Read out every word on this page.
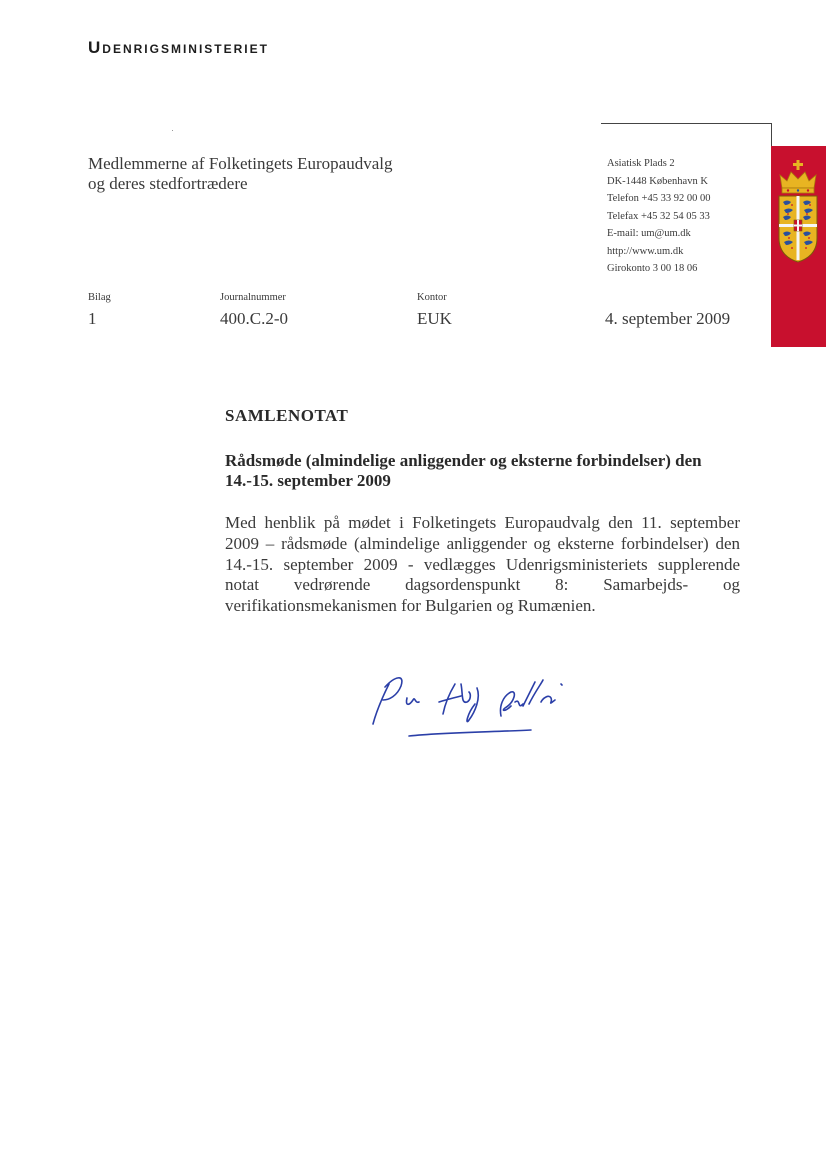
Udenrigsministeriet
Medlemmerne af Folketingets Europaudvalg
og deres stedfortrædere
Asiatisk Plads 2
DK-1448 København K
Telefon +45 33 92 00 00
Telefax +45 32 54 05 33
E-mail: um@um.dk
http://www.um.dk
Girokonto 3 00 18 06
Bilag
1
Journalnummer
400.C.2-0
Kontor
EUK	4. september 2009
SAMLENOTAT
Rådsmøde (almindelige anliggender og eksterne forbindelser) den 14.-15. september 2009

Med henblik på mødet i Folketingets Europaudvalg den 11. september 2009 – rådsmøde (almindelige anliggender og eksterne forbindelser) den 14.-15. september 2009 - vedlægges Udenrigsministeriets supplerende notat vedrørende dagsordenspunkt 8: Samarbejds- og verifikationsmekanismen for Bulgarien og Rumænien.
